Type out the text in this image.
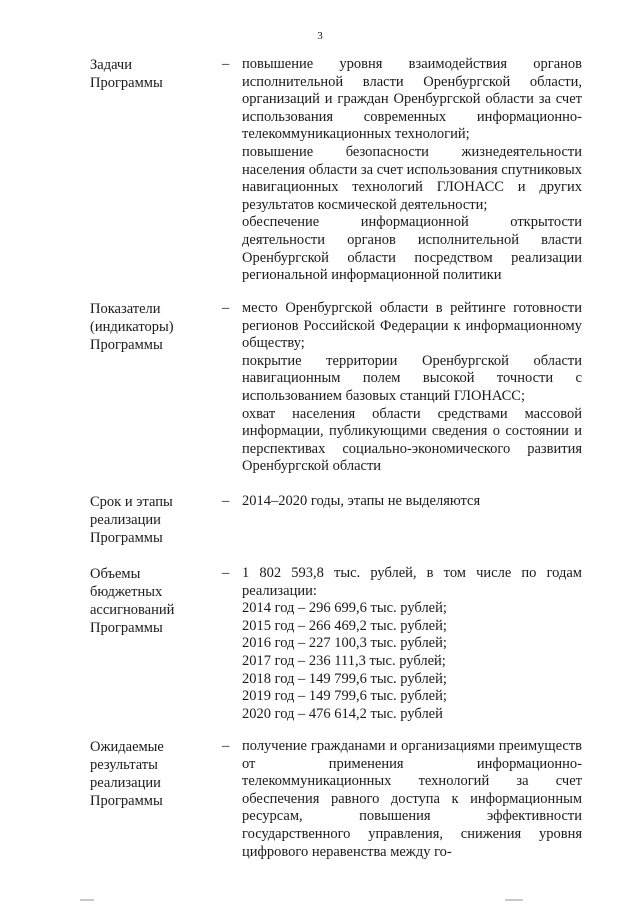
3
Задачи
Программы
– повышение уровня взаимодействия органов исполнительной власти Оренбургской области, организаций и граждан Оренбургской области за счет использования современных информационно-телекоммуникационных технологий;

повышение безопасности жизнедеятельности населения области за счет использования спутниковых навигационных технологий ГЛОНАСС и других результатов космической деятельности;

обеспечение информационной открытости деятельности органов исполнительной власти Оренбургской области посредством реализации региональной информационной политики

Показатели
(индикаторы)
Программы
– место Оренбургской области в рейтинге готовности регионов Российской Федерации к информационному обществу;

покрытие территории Оренбургской области навигационным полем высокой точности с использованием базовых станций ГЛОНАСС;

охват населения области средствами массовой информации, публикующими сведения о состоянии и перспективах социально-экономического развития Оренбургской области

Срок и этапы
реализации
Программы
– 2014–2020 годы, этапы не выделяются

Объемы
бюджетных
ассигнований
Программы
– 1 802 593,8 тыс. рублей, в том числе по годам реализации:

2014 год – 296 699,6 тыс. рублей;
2015 год – 266 469,2 тыс. рублей;
2016 год – 227 100,3 тыс. рублей;
2017 год – 236 111,3 тыс. рублей;
2018 год – 149 799,6 тыс. рублей;
2019 год – 149 799,6 тыс. рублей;
2020 год – 476 614,2 тыс. рублей
Ожидаемые
результаты
реализации
Программы
– получение гражданами и организациями преимуществ от применения информационно-телекоммуникационных технологий за счет обеспечения равного доступа к информационным ресурсам, повышения эффективности государственного управления, снижения уровня цифрового неравенства между го-
